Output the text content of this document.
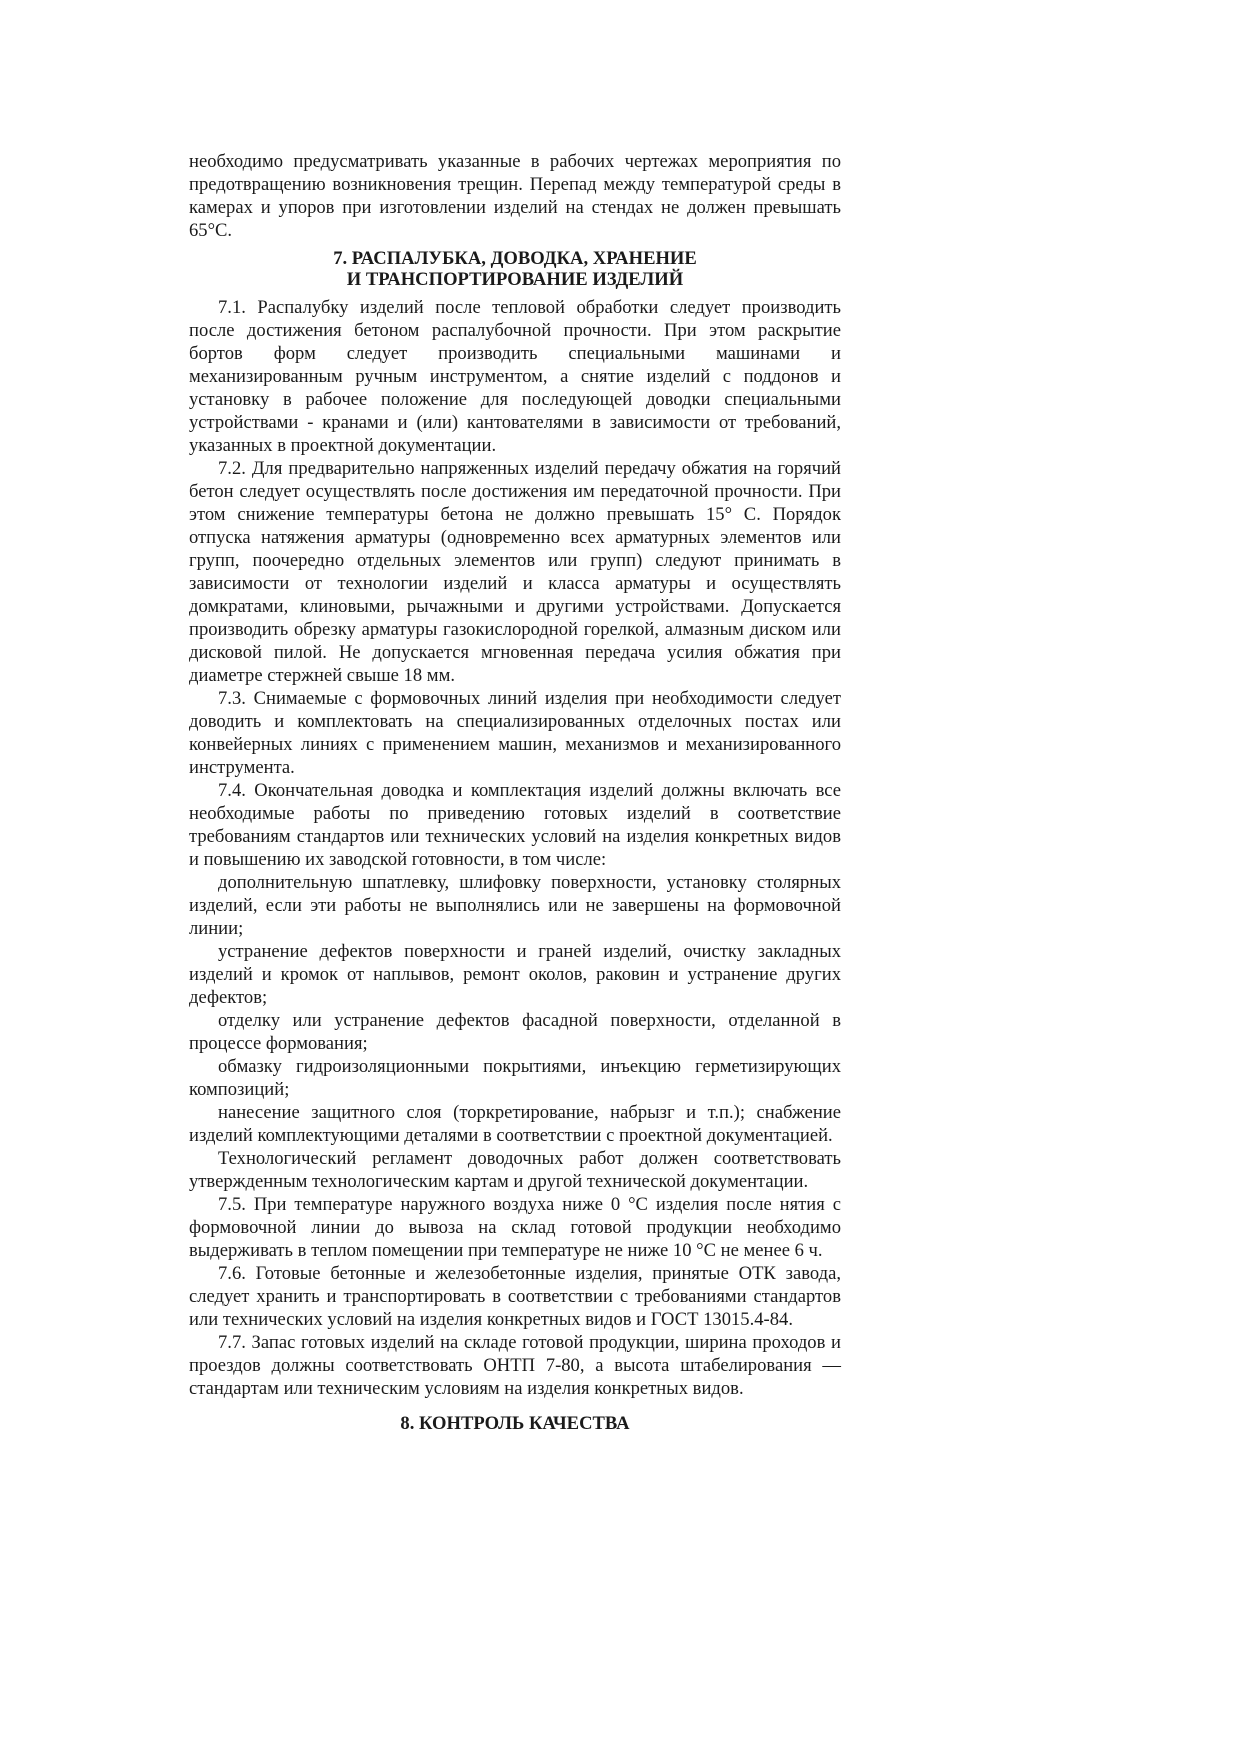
необходимо предусматривать указанные в рабочих чертежах мероприятия по предотвращению возникновения трещин. Перепад между температурой среды в камерах и упоров при изготовлении изделий на стендах не должен превышать 65°С.

7. РАСПАЛУБКА, ДОВОДКА, ХРАНЕНИЕ
И ТРАНСПОРТИРОВАНИЕ ИЗДЕЛИЙ

7.1. Распалубку изделий после тепловой обработки следует производить после достижения бетоном распалубочной прочности. При этом раскрытие бортов форм следует производить специальными машинами и механизированным ручным инструментом, а снятие изделий с поддонов и установку в рабочее положение для последующей доводки специальными устройствами - кранами и (или) кантователями в зависимости от требований, указанных в проектной документации.

7.2. Для предварительно напряженных изделий передачу обжатия на горячий бетон следует осуществлять после достижения им передаточной прочности. При этом снижение температуры бетона не должно превышать 15° С. Порядок отпуска натяжения арматуры (одновременно всех арматурных элементов или групп, поочередно отдельных элементов или групп) следуют принимать в зависимости от технологии изделий и класса арматуры и осуществлять домкратами, клиновыми, рычажными и другими устройствами. Допускается производить обрезку арматуры газокислородной горелкой, алмазным диском или дисковой пилой. Не допускается мгновенная передача усилия обжатия при диаметре стержней свыше 18 мм.

7.3. Снимаемые с формовочных линий изделия при необходимости следует доводить и комплектовать на специализированных отделочных постах или конвейерных линиях с применением машин, механизмов и механизированного инструмента.

7.4. Окончательная доводка и комплектация изделий должны включать все необходимые работы по приведению готовых изделий в соответствие требованиям стандартов или технических условий на изделия конкретных видов и повышению их заводской готовности, в том числе:

дополнительную шпатлевку, шлифовку поверхности, установку столярных изделий, если эти работы не выполнялись или не завершены на формовочной линии;

устранение дефектов поверхности и граней изделий, очистку закладных изделий и кромок от наплывов, ремонт околов, раковин и устранение других дефектов;

отделку или устранение дефектов фасадной поверхности, отделанной в процессе формования;

обмазку гидроизоляционными покрытиями, инъекцию герметизирующих композиций;

нанесение защитного слоя (торкретирование, набрызг и т.п.); снабжение изделий комплектующими деталями в соответствии с проектной документацией.

Технологический регламент доводочных работ должен соответствовать утвержденным технологическим картам и другой технической документации.

7.5. При температуре наружного воздуха ниже 0 °С изделия после нятия с формовочной линии до вывоза на склад готовой продукции необходимо выдерживать в теплом помещении при температуре не ниже 10 °С не менее 6 ч.

7.6. Готовые бетонные и железобетонные изделия, принятые ОТК завода, следует хранить и транспортировать в соответствии с требованиями стандартов или технических условий на изделия конкретных видов и ГОСТ 13015.4-84.

7.7. Запас готовых изделий на складе готовой продукции, ширина проходов и проездов должны соответствовать ОНТП 7-80, а высота штабелирования — стандартам или техническим условиям на изделия конкретных видов.

8. КОНТРОЛЬ КАЧЕСТВА
